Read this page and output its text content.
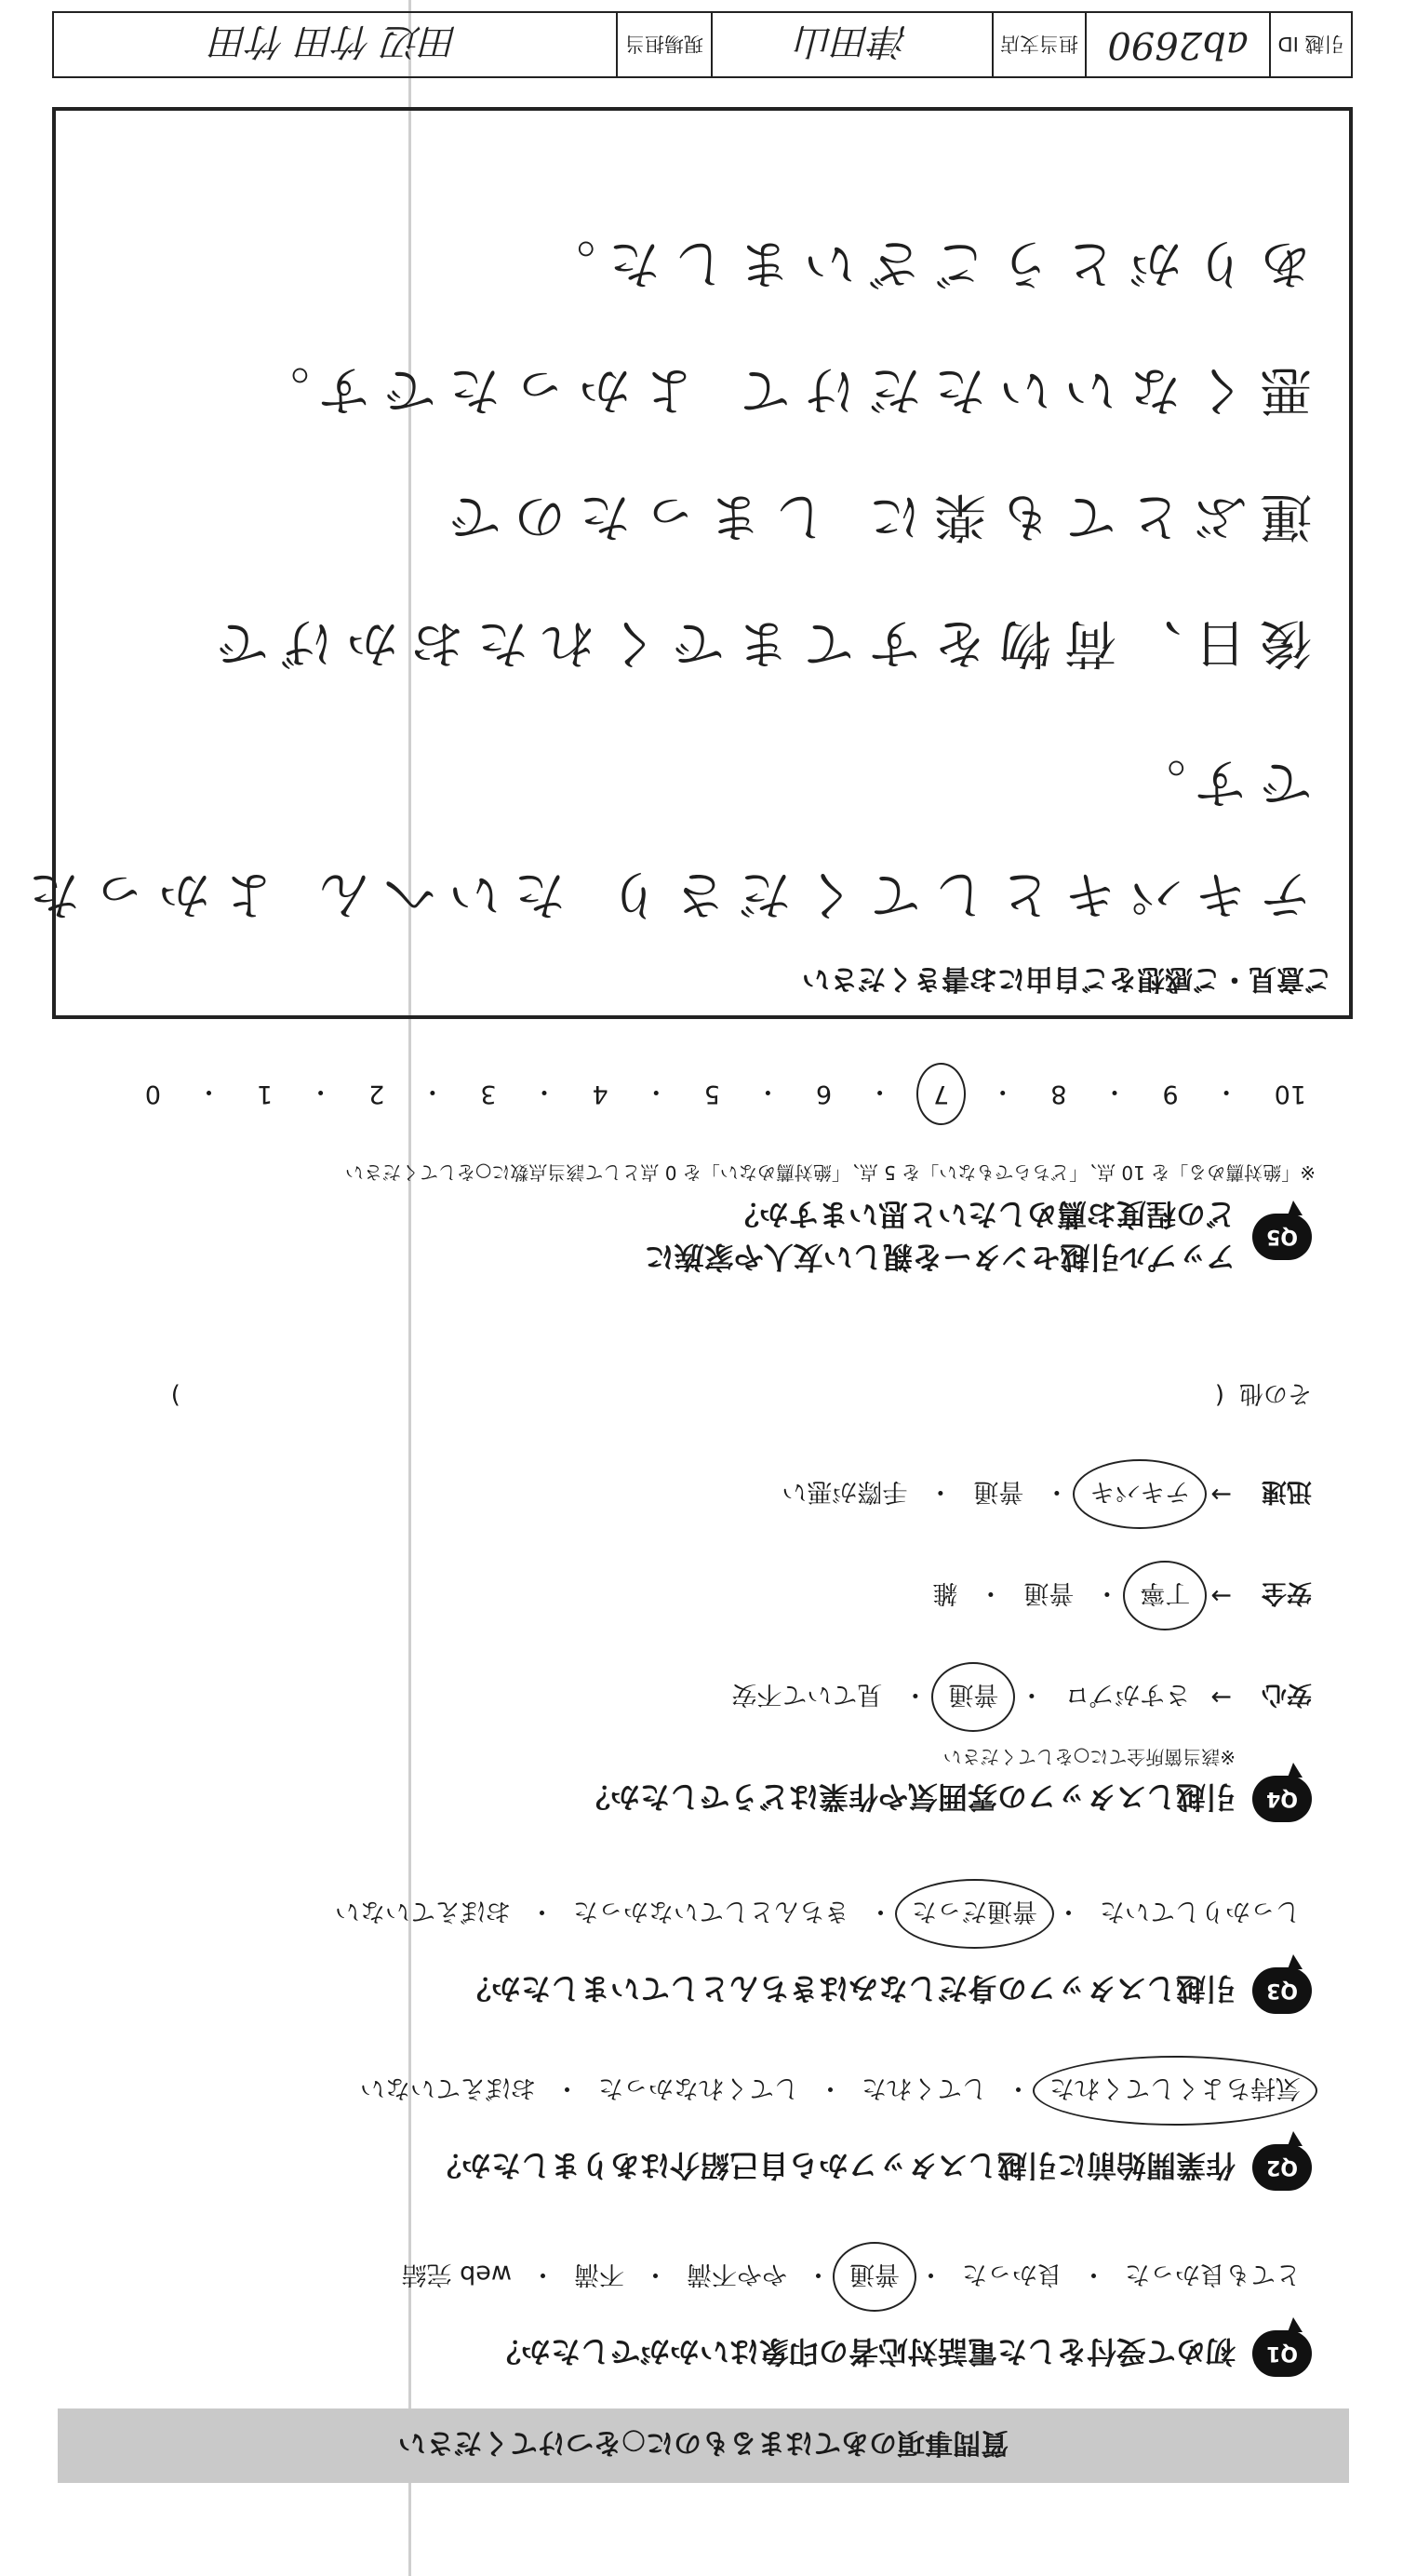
質問事項のあてはまるものに○をつけてください
Q1
初めて受付をした電話対応者の印象はいかがでしたか？
とても良かった
・
良かった
・
普通
・
やや不満
・
不満
・
web 完結
Q2
作業開始前に引越しスタッフから自己紹介はありましたか？
気持ちよくしてくれた
・
してくれた
・
してくれなかった
・
おぼえていない
Q3
引越しスタッフの身だしなみはきちんとしていましたか？
しっかりしていた
・
普通だった
・
きちんとしていなかった
・
おぼえていない
Q4
引越しスタッフの雰囲気や作業はどうでしたか？
※該当箇所全てに○をしてください
安心
→
さすがプロ
・
普通
・
見ていて不安
安全
→
丁寧
・
普通
・
雑
迅速
→
テキパキ
・
普通
・
手際が悪い
その他
(
)
Q5
アップル引越センターを親しい友人や家族に
どの程度お薦めしたいと思いますか？
※「絶対薦める」を 10 点、「どちらでもない」を 5 点、「絶対薦めない」を 0 点として該当点数に○をしてください
10
・
9
・
8
・
7
・
6
・
5
・
4
・
3
・
2
・
1
・
0
ご意見・ご感想をご自由にお書きください
テキパキとしてくださり たいへん よかった
です。
後日、荷物をすてまでくれたおかげで
運ぶとても楽に しまったので
悪くないいただけて よかったです。
ありがとうございました。
引越 ID
ab2690
担当支店
津田山
現場担当
田辺 竹田 竹田
